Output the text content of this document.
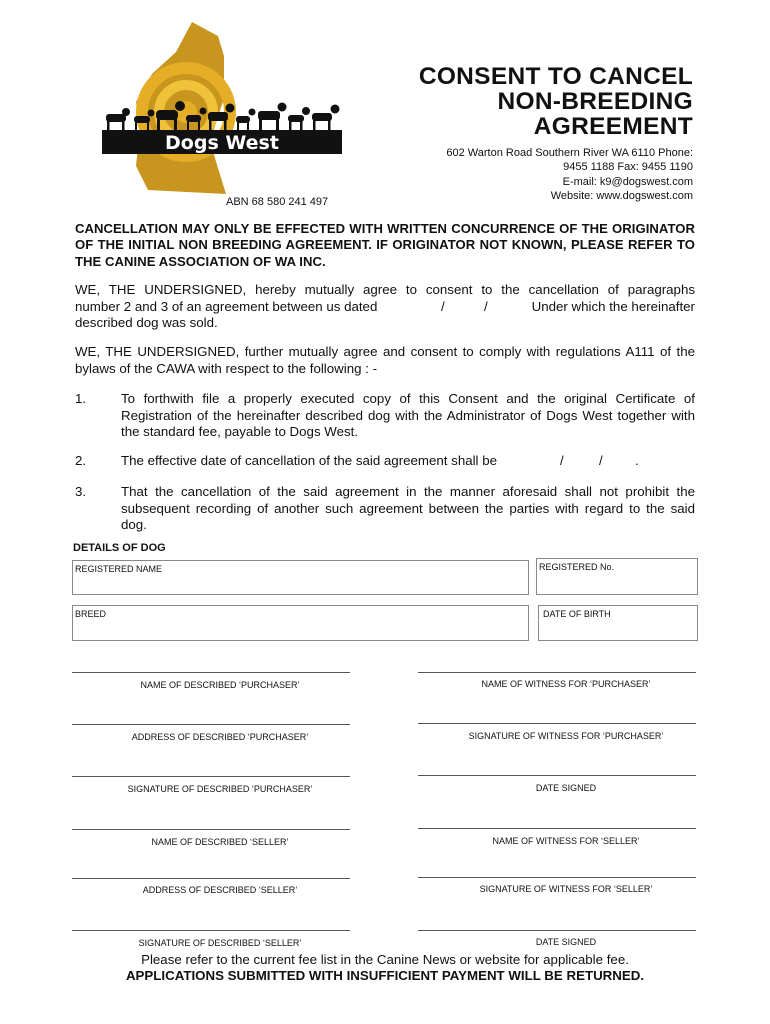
Dogs West
CONSENT TO CANCEL
NON-BREEDING
AGREEMENT
602 Warton Road Southern River WA 6110 Phone:
9455 1188 Fax: 9455 1190
E-mail: k9@dogswest.com
Website: www.dogswest.com
ABN 68 580 241 497
CANCELLATION MAY ONLY BE EFFECTED WITH WRITTEN CONCURRENCE OF THE ORIGINATOR OF THE INITIAL NON BREEDING AGREEMENT. IF ORIGINATOR NOT KNOWN, PLEASE REFER TO THE CANINE ASSOCIATION OF WA INC.
WE, THE UNDERSIGNED, hereby mutually agree to consent to the cancellation of paragraphs
number 2 and 3 of an agreement between us dated	/	/	Under which the hereinafter
described dog was sold.
WE, THE UNDERSIGNED, further mutually agree and consent to comply with regulations A111 of the bylaws of the CAWA with respect to the following : -
1.	To forthwith file a properly executed copy of this Consent and the original Certificate of Registration of the hereinafter described dog with the Administrator of Dogs West together with the standard fee, payable to Dogs West.
2.	The effective date of cancellation of the said agreement shall be	/	/ .
3.	That the cancellation of the said agreement in the manner aforesaid shall not prohibit the subsequent recording of another such agreement between the parties with regard to the said dog.
DETAILS OF DOG
REGISTERED NAME	REGISTERED No.
BREED	DATE OF BIRTH
NAME OF DESCRIBED ‘PURCHASER’
ADDRESS OF DESCRIBED ‘PURCHASER’
SIGNATURE OF DESCRIBED ‘PURCHASER’
NAME OF DESCRIBED ‘SELLER’
ADDRESS OF DESCRIBED ‘SELLER’
SIGNATURE OF DESCRIBED ‘SELLER’
NAME OF WITNESS FOR ‘PURCHASER’
SIGNATURE OF WITNESS FOR ‘PURCHASER’
DATE SIGNED
NAME OF WITNESS FOR ‘SELLER’
SIGNATURE OF WITNESS FOR ‘SELLER’
DATE SIGNED
Please refer to the current fee list in the Canine News or website for applicable fee.
APPLICATIONS SUBMITTED WITH INSUFFICIENT PAYMENT WILL BE RETURNED.
